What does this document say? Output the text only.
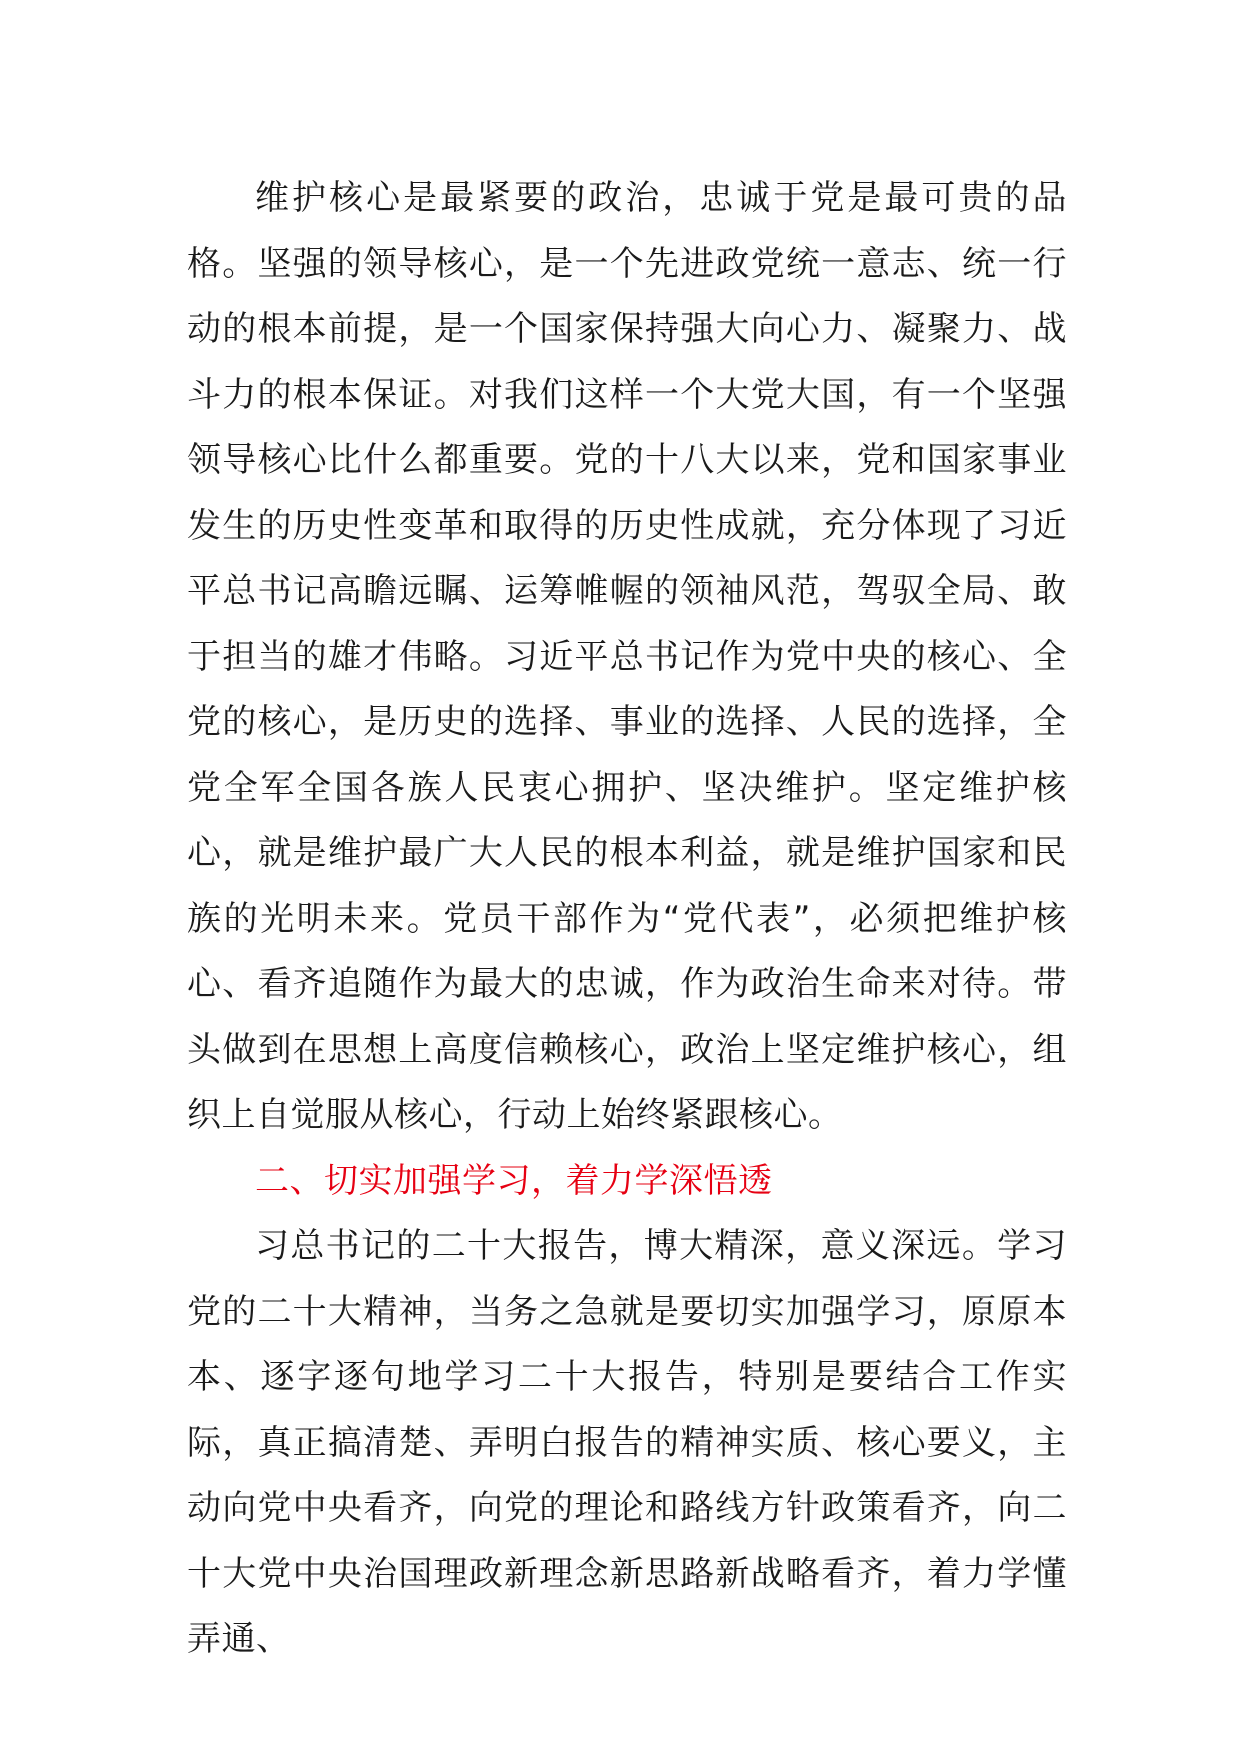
维护核心是最紧要的政治，忠诚于党是最可贵的品格。坚强的领导核心，是一个先进政党统一意志、统一行动的根本前提，是一个国家保持强大向心力、凝聚力、战斗力的根本保证。对我们这样一个大党大国，有一个坚强领导核心比什么都重要。党的十八大以来，党和国家事业发生的历史性变革和取得的历史性成就，充分体现了习近平总书记高瞻远瞩、运筹帷幄的领袖风范，驾驭全局、敢于担当的雄才伟略。习近平总书记作为党中央的核心、全党的核心，是历史的选择、事业的选择、人民的选择，全党全军全国各族人民衷心拥护、坚决维护。坚定维护核心，就是维护最广大人民的根本利益，就是维护国家和民族的光明未来。党员干部作为“党代表”，必须把维护核心、看齐追随作为最大的忠诚，作为政治生命来对待。带头做到在思想上高度信赖核心，政治上坚定维护核心，组织上自觉服从核心，行动上始终紧跟核心。

二、切实加强学习，着力学深悟透

习总书记的二十大报告，博大精深，意义深远。学习党的二十大精神，当务之急就是要切实加强学习，原原本本、逐字逐句地学习二十大报告，特别是要结合工作实际，真正搞清楚、弄明白报告的精神实质、核心要义，主动向党中央看齐，向党的理论和路线方针政策看齐，向二十大党中央治国理政新理念新思路新战略看齐，着力学懂弄通、
